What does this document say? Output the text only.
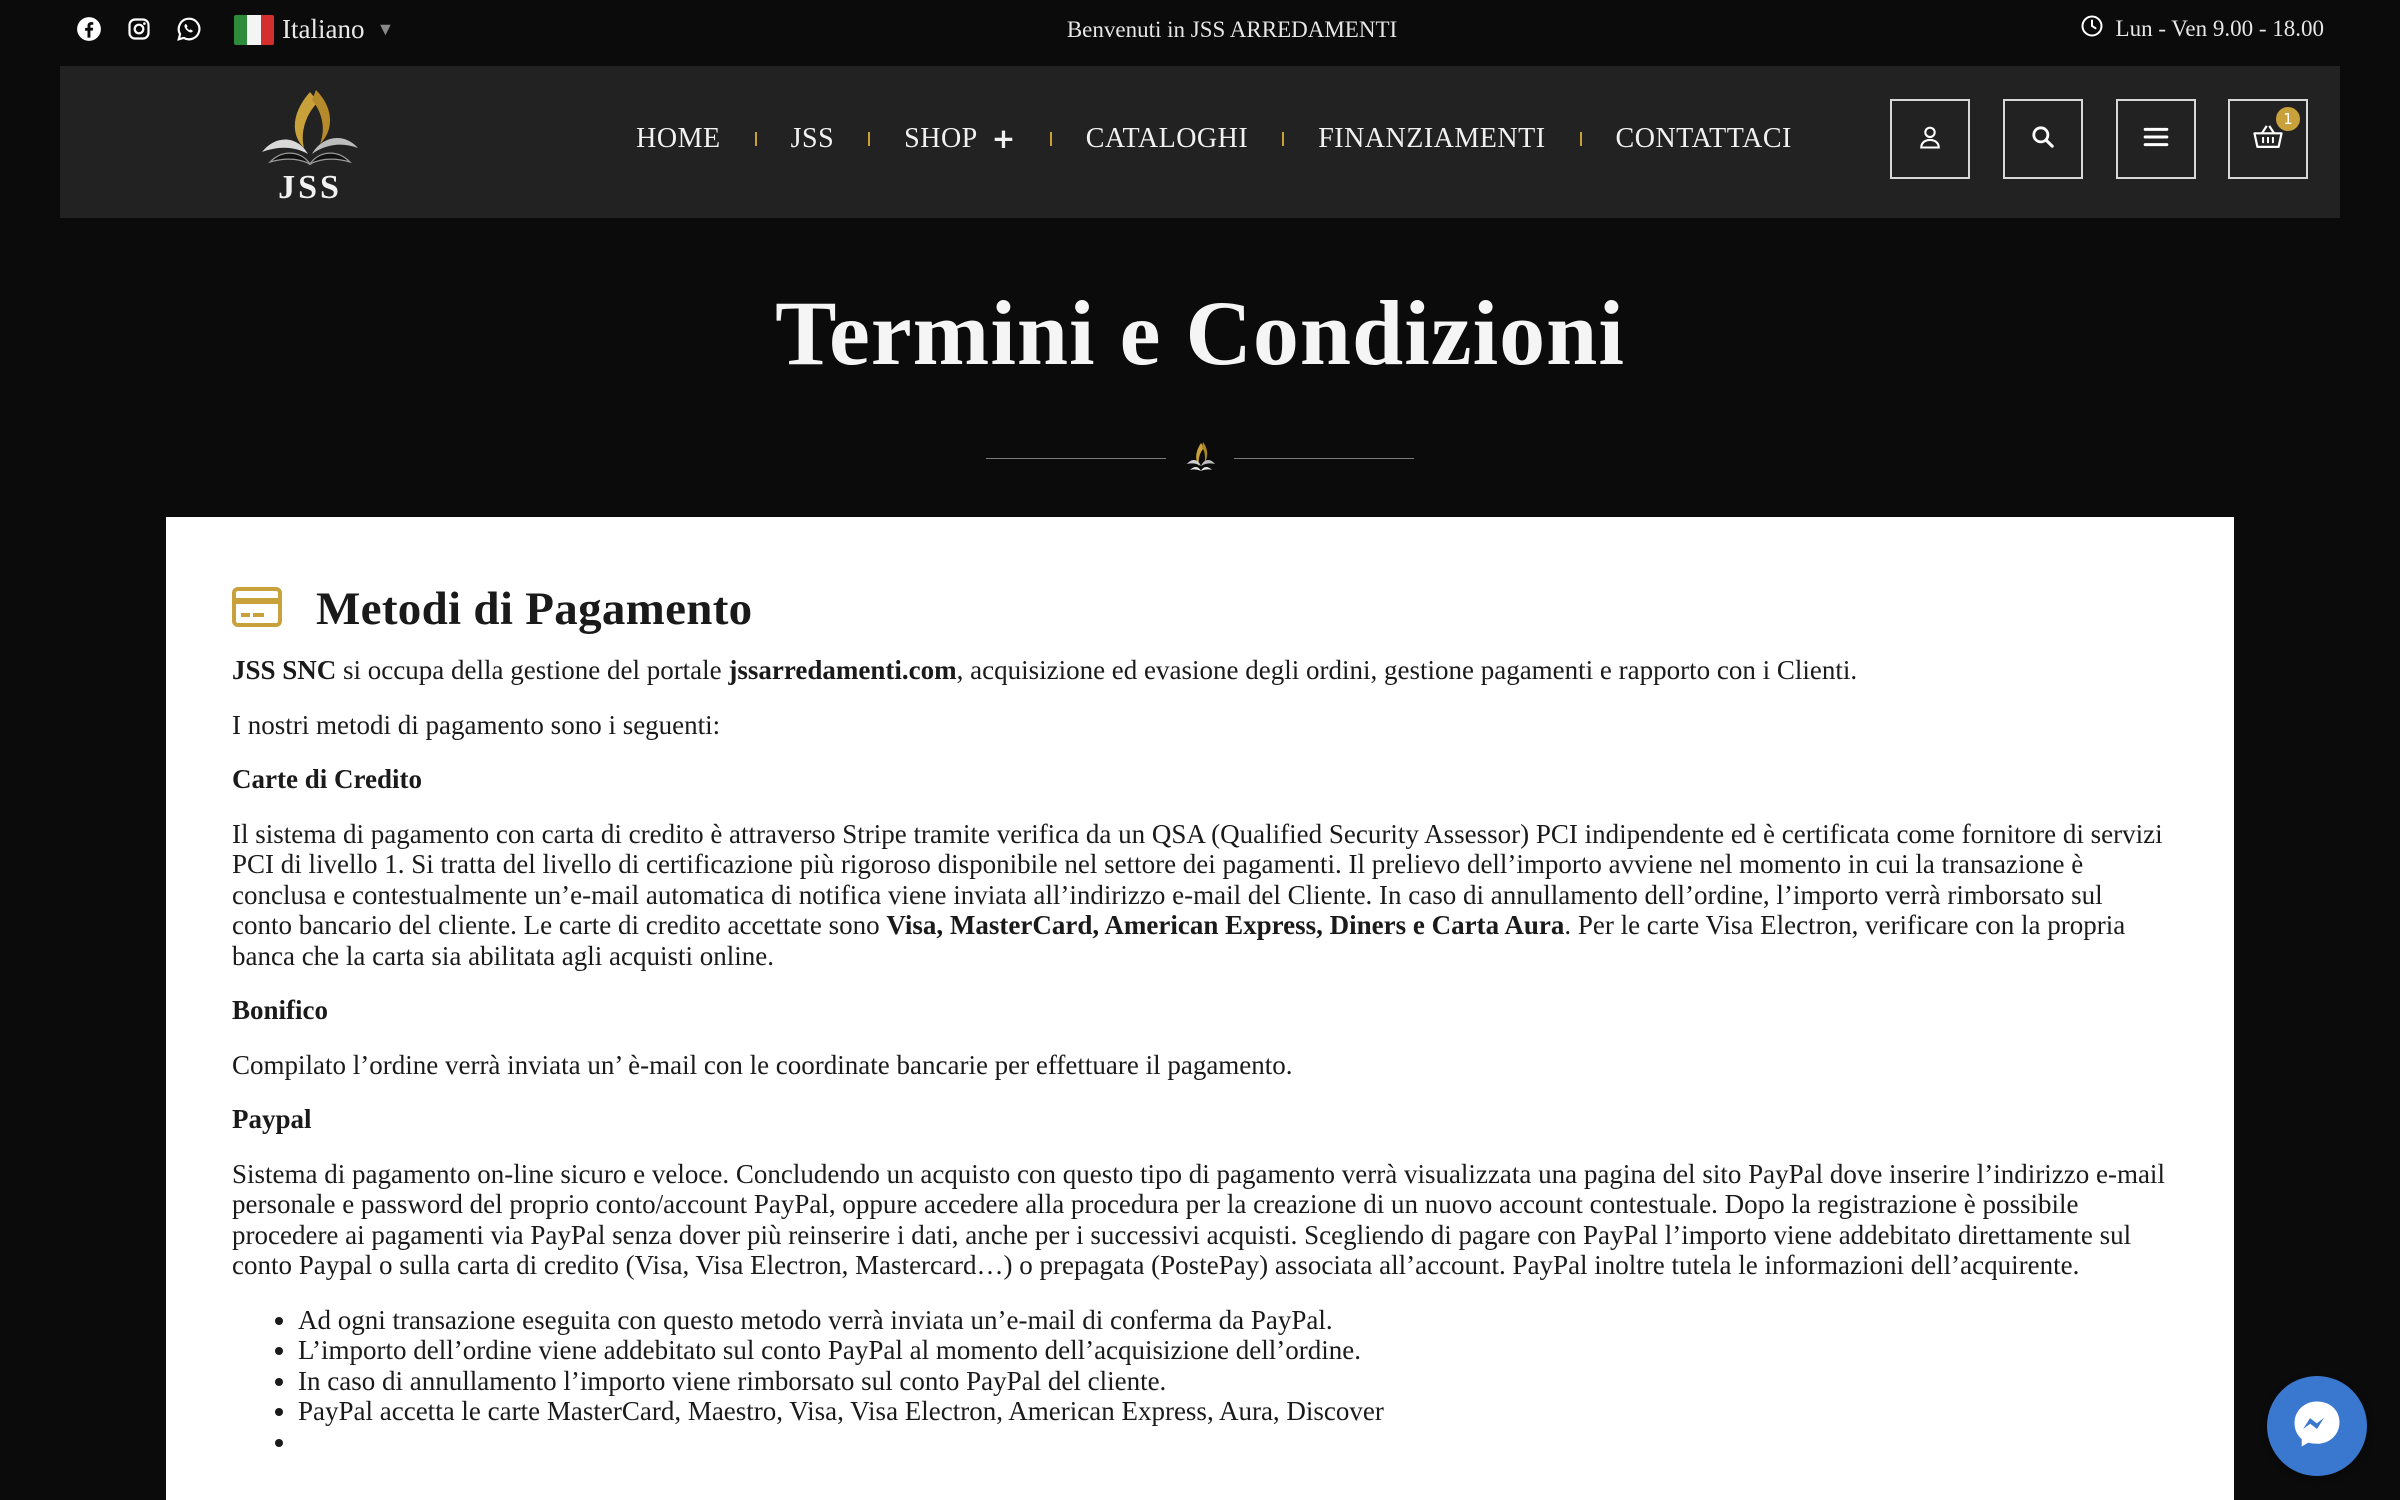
Italiano ▼	Benvenuti in JSS ARREDAMENTI	Lun - Ven 9.00 - 18.00
JSS
HOME	JSS	SHOP +	CATALOGHI	FINANZIAMENTI	CONTATTACI
1
Termini e Condizioni
Metodi di Pagamento

JSS SNC si occupa della gestione del portale jssarredamenti.com, acquisizione ed evasione degli ordini, gestione pagamenti e rapporto con i Clienti.

I nostri metodi di pagamento sono i seguenti:

Carte di Credito

Il sistema di pagamento con carta di credito è attraverso Stripe tramite verifica da un QSA (Qualified Security Assessor) PCI indipendente ed è certificata come fornitore di servizi PCI di livello 1. Si tratta del livello di certificazione più rigoroso disponibile nel settore dei pagamenti. Il prelievo dell’importo avviene nel momento in cui la transazione è conclusa e contestualmente un’e-mail automatica di notifica viene inviata all’indirizzo e-mail del Cliente. In caso di annullamento dell’ordine, l’importo verrà rimborsato sul conto bancario del cliente. Le carte di credito accettate sono Visa, MasterCard, American Express, Diners e Carta Aura. Per le carte Visa Electron, verificare con la propria banca che la carta sia abilitata agli acquisti online.

Bonifico

Compilato l’ordine verrà inviata un’ è-mail con le coordinate bancarie per effettuare il pagamento.

Paypal

Sistema di pagamento on-line sicuro e veloce. Concludendo un acquisto con questo tipo di pagamento verrà visualizzata una pagina del sito PayPal dove inserire l’indirizzo e-mail personale e password del proprio conto/account PayPal, oppure accedere alla procedura per la creazione di un nuovo account contestuale. Dopo la registrazione è possibile procedere ai pagamenti via PayPal senza dover più reinserire i dati, anche per i successivi acquisti. Scegliendo di pagare con PayPal l’importo viene addebitato direttamente sul conto Paypal o sulla carta di credito (Visa, Visa Electron, Mastercard…) o prepagata (PostePay) associata all’account. PayPal inoltre tutela le informazioni dell’acquirente.

• Ad ogni transazione eseguita con questo metodo verrà inviata un’e-mail di conferma da PayPal.
• L’importo dell’ordine viene addebitato sul conto PayPal al momento dell’acquisizione dell’ordine.
• In caso di annullamento l’importo viene rimborsato sul conto PayPal del cliente.
• PayPal accetta le carte MasterCard, Maestro, Visa, Visa Electron, American Express, Aura, Discover
•
